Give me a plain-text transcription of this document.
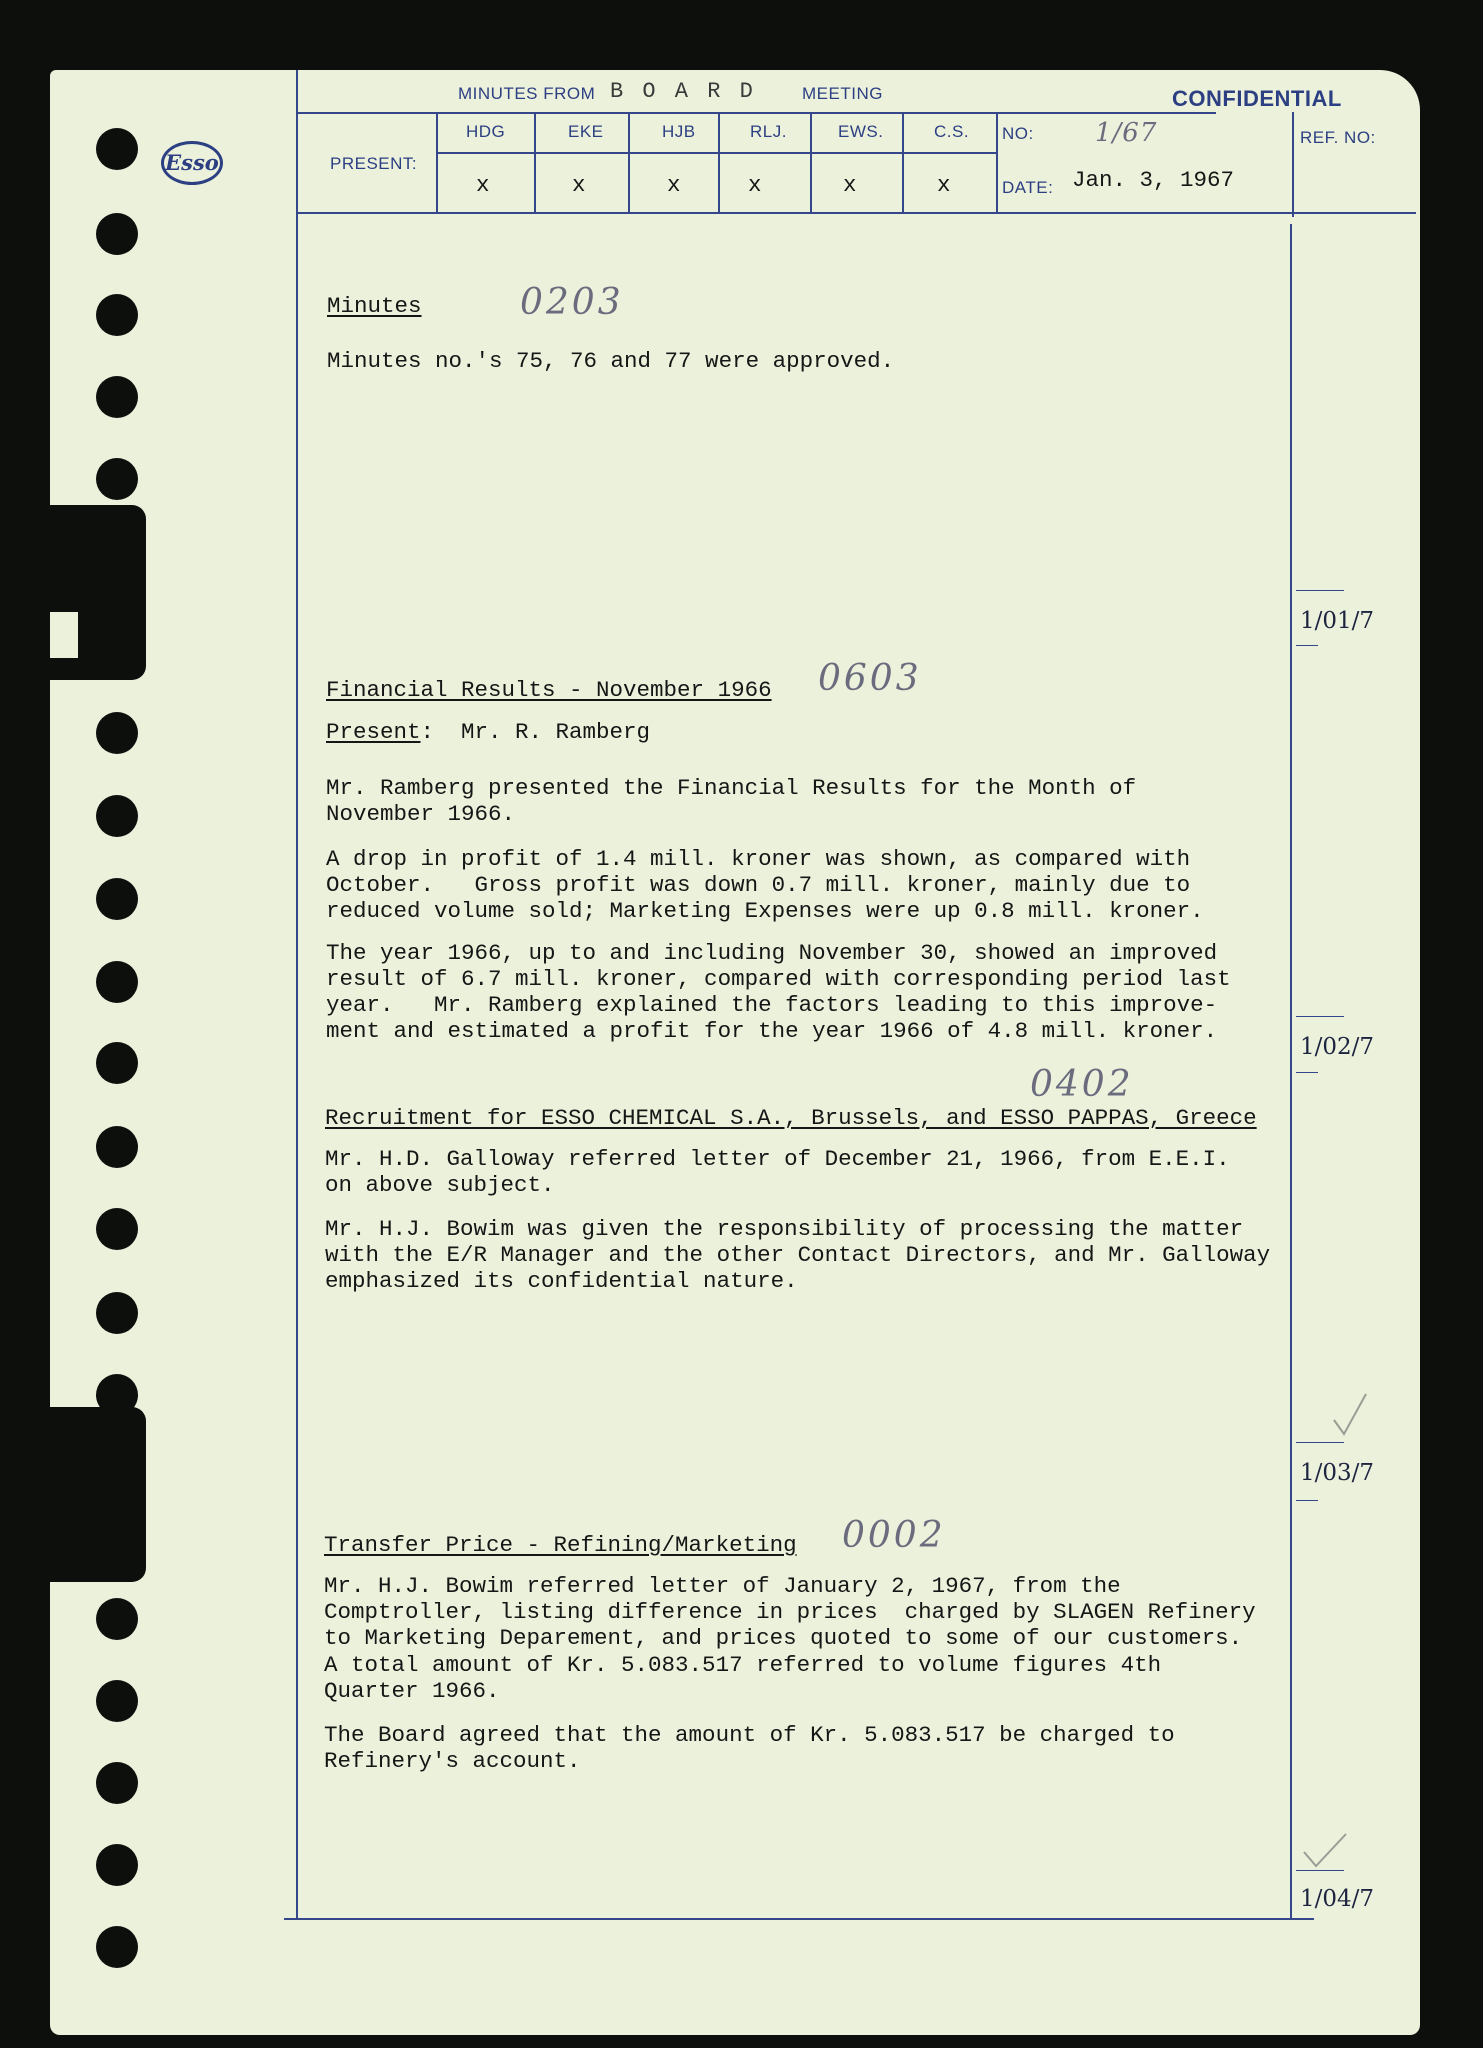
Esso
MINUTES FROM B O A R D	MEETING	CONFIDENTIAL
PRESENT:
HDG	EKE	HJB	RLJ.	EWS.	C.S.
x	x	x	x	x	x
NO: 1/67
DATE: Jan. 3, 1967
REF. NO:
Minutes	0203
Minutes no.'s 75, 76 and 77 were approved.
1/01/7
Financial Results - November 1966 0603
Present:  Mr. R. Ramberg
Mr. Ramberg presented the Financial Results for the Month of
November 1966.
A drop in profit of 1.4 mill. kroner was shown, as compared with
October.   Gross profit was down 0.7 mill. kroner, mainly due to
reduced volume sold; Marketing Expenses were up 0.8 mill. kroner.
The year 1966, up to and including November 30, showed an improved
result of 6.7 mill. kroner, compared with corresponding period last
year.   Mr. Ramberg explained the factors leading to this improve-
ment and estimated a profit for the year 1966 of 4.8 mill. kroner.
1/02/7
Recruitment for ESSO CHEMICAL S.A., Brussels, and ESSO PAPPAS, Greece
0402
Mr. H.D. Galloway referred letter of December 21, 1966, from E.E.I.
on above subject.
Mr. H.J. Bowim was given the responsibility of processing the matter
with the E/R Manager and the other Contact Directors, and Mr. Galloway
emphasized its confidential nature.
1/03/7
Transfer Price - Refining/Marketing 0002
Mr. H.J. Bowim referred letter of January 2, 1967, from the
Comptroller, listing difference in prices  charged by SLAGEN Refinery
to Marketing Deparement, and prices quoted to some of our customers.
A total amount of Kr. 5.083.517 referred to volume figures 4th
Quarter 1966.
The Board agreed that the amount of Kr. 5.083.517 be charged to
Refinery's account.
1/04/7
